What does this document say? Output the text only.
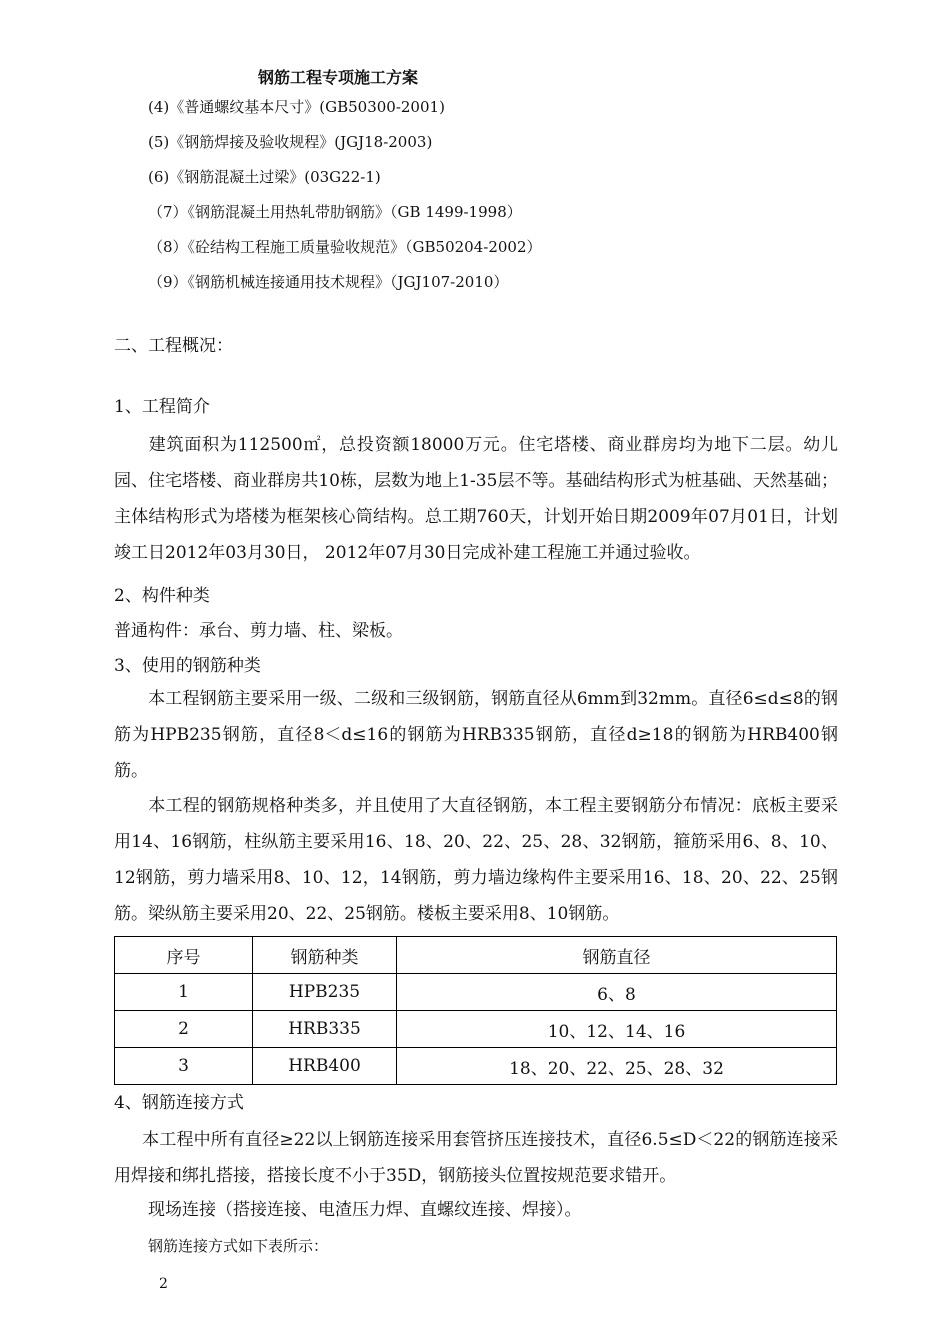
钢筋工程专项施工方案
(4)《普通螺纹基本尺寸》(GB50300-2001)
(5)《钢筋焊接及验收规程》(JGJ18-2003)
(6)《钢筋混凝土过梁》(03G22-1)
（7）《钢筋混凝土用热轧带肋钢筋》（GB 1499-1998）
（8）《砼结构工程施工质量验收规范》（GB50204-2002）
（9）《钢筋机械连接通用技术规程》（JGJ107-2010）
二、工程概况：
1、工程简介
建筑面积为112500㎡，总投资额18000万元。住宅塔楼、商业群房均为地下二层。幼儿园、住宅塔楼、商业群房共10栋，层数为地上1-35层不等。基础结构形式为桩基础、天然基础；主体结构形式为塔楼为框架核心筒结构。总工期760天，计划开始日期2009年07月01日，计划竣工日2012年03月30日， 2012年07月30日完成补建工程施工并通过验收。
2、构件种类
普通构件：承台、剪力墙、柱、梁板。
3、使用的钢筋种类
本工程钢筋主要采用一级、二级和三级钢筋，钢筋直径从6mm到32mm。直径6≤d≤8的钢筋为HPB235钢筋，直径8＜d≤16的钢筋为HRB335钢筋，直径d≥18的钢筋为HRB400钢筋。
本工程的钢筋规格种类多，并且使用了大直径钢筋，本工程主要钢筋分布情况：底板主要采用14、16钢筋，柱纵筋主要采用16、18、20、22、25、28、32钢筋，箍筋采用6、8、10、12钢筋，剪力墙采用8、10、12，14钢筋，剪力墙边缘构件主要采用16、18、20、22、25钢筋。梁纵筋主要采用20、22、25钢筋。楼板主要采用8、10钢筋。
序号	钢筋种类	钢筋直径
1	HPB235	6、8
2	HRB335	10、12、14、16
3	HRB400	18、20、22、25、28、32
4、钢筋连接方式
本工程中所有直径≥22以上钢筋连接采用套管挤压连接技术，直径6.5≤D＜22的钢筋连接采用焊接和绑扎搭接，搭接长度不小于35D，钢筋接头位置按规范要求错开。
现场连接（搭接连接、电渣压力焊、直螺纹连接、焊接）。
钢筋连接方式如下表所示：
2
